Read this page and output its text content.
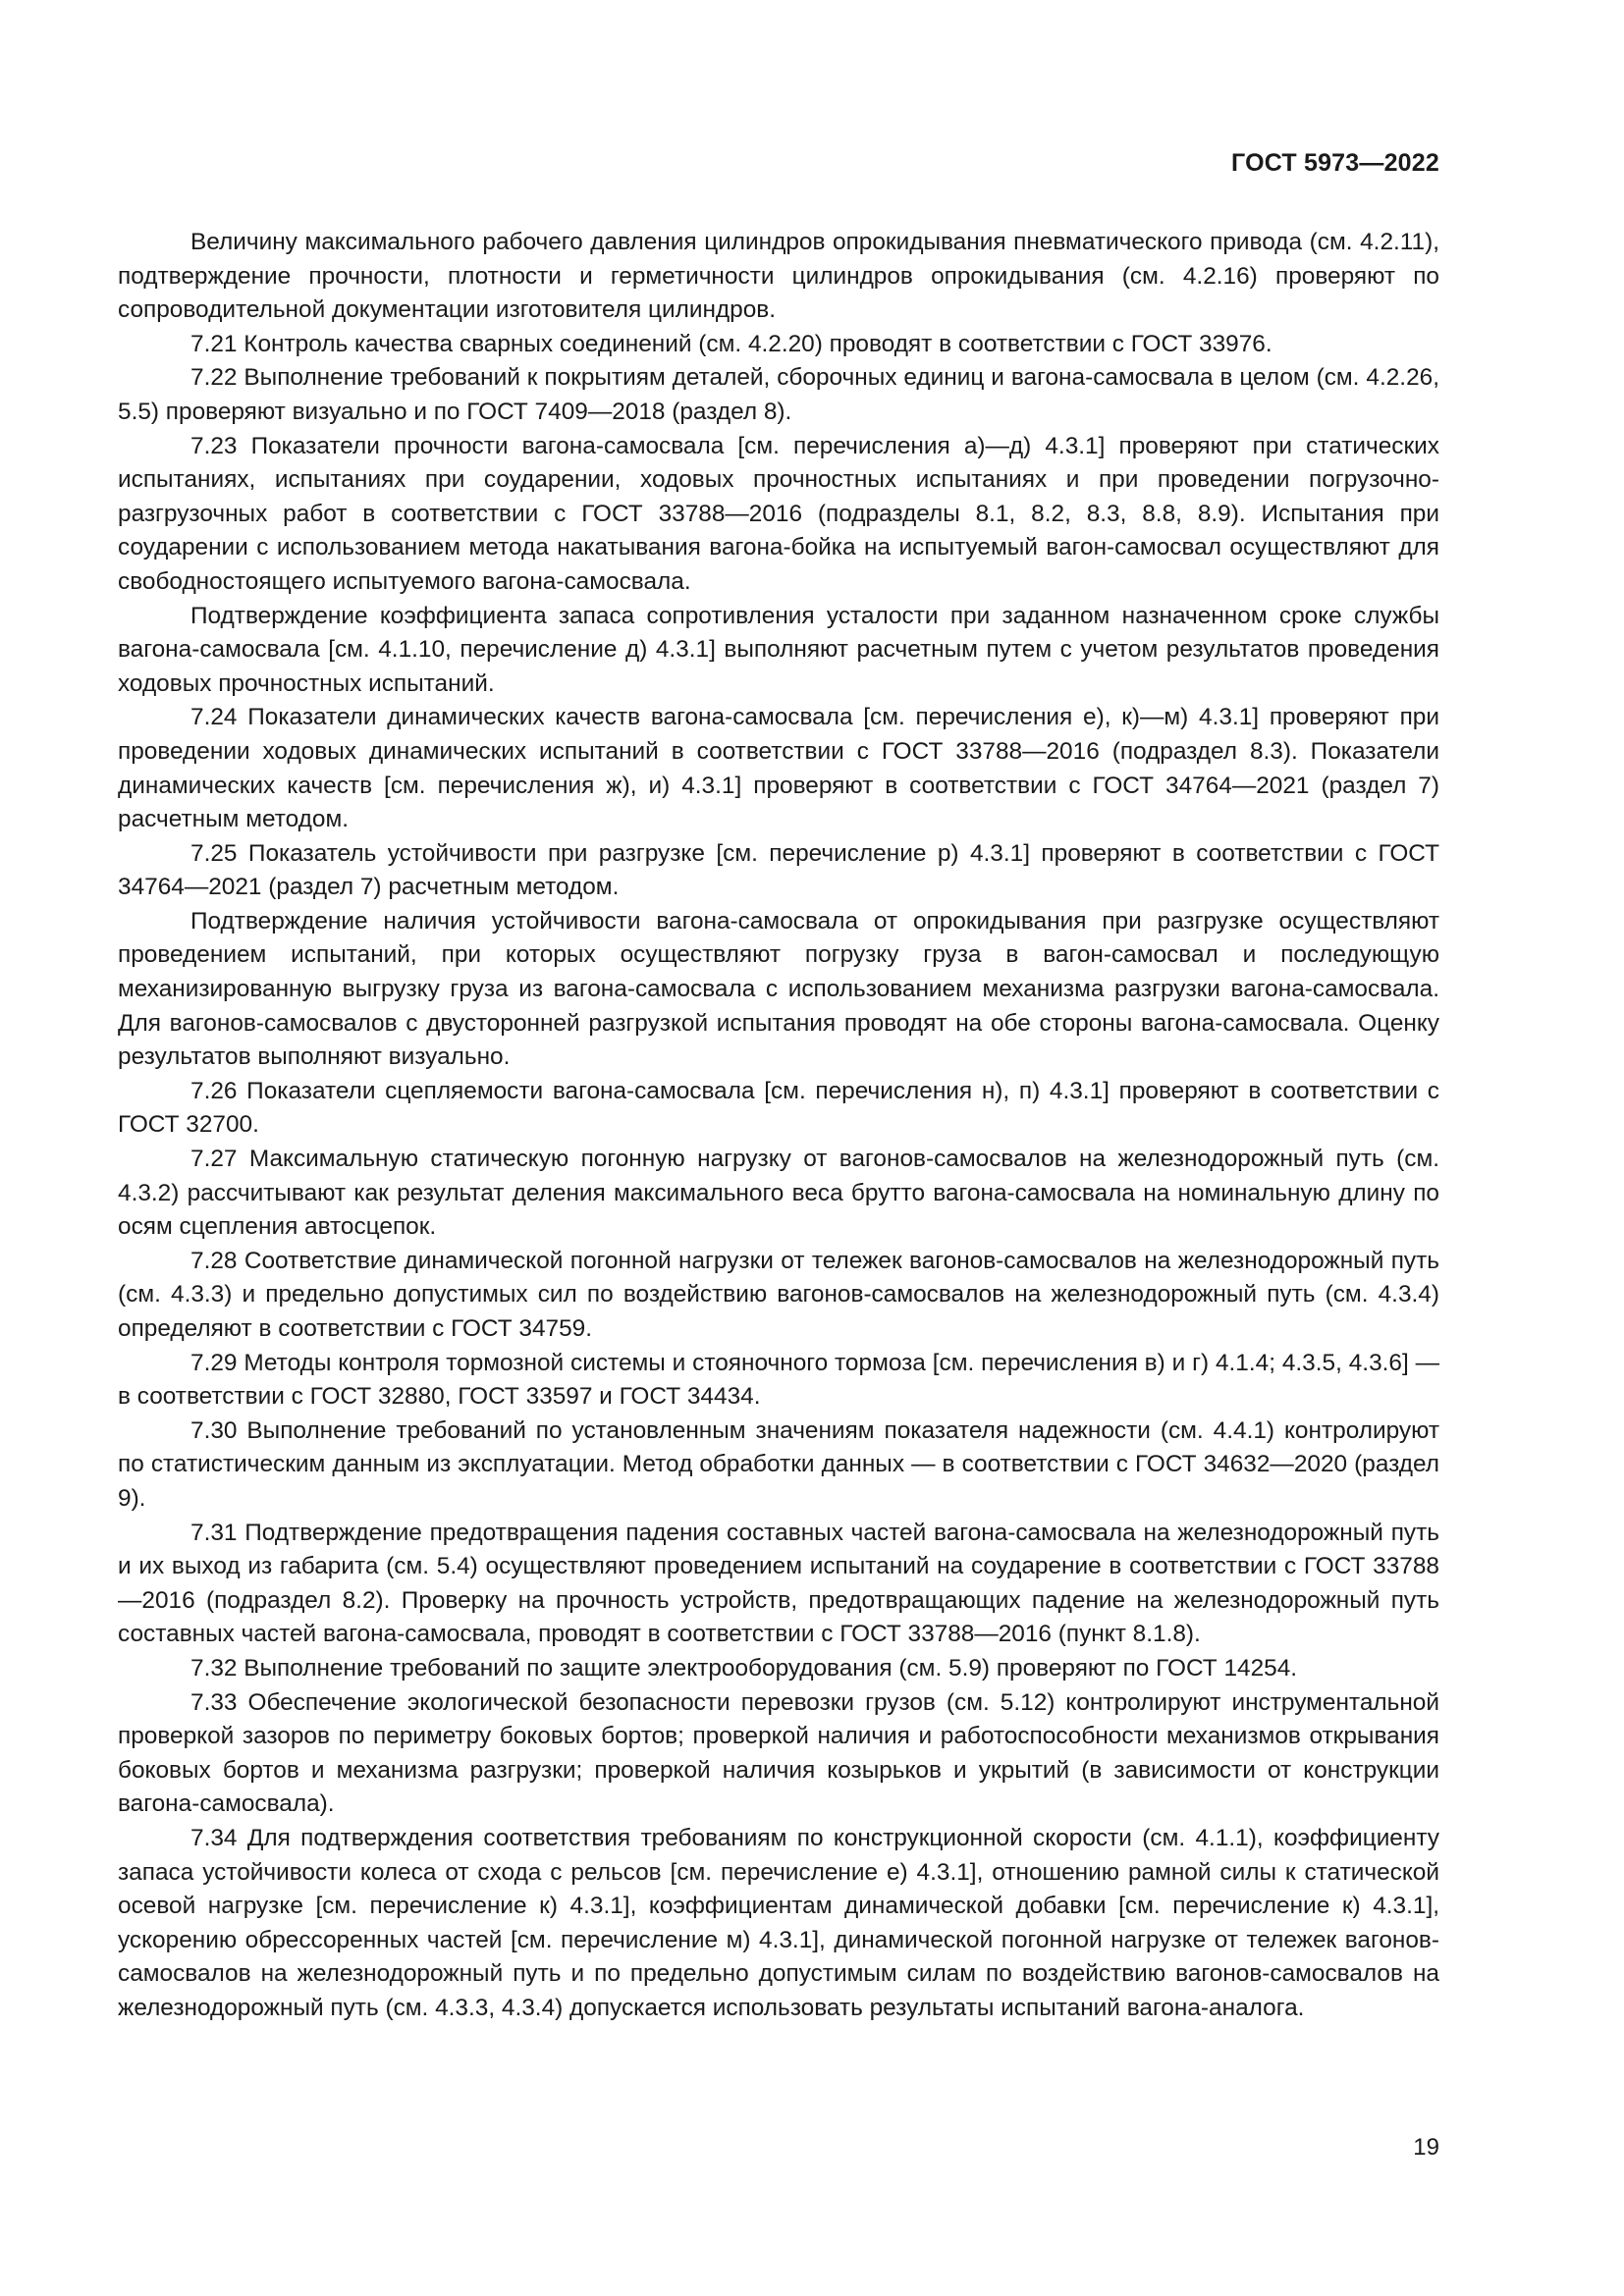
ГОСТ 5973—2022

Величину максимального рабочего давления цилиндров опрокидывания пневматического привода (см. 4.2.11), подтверждение прочности, плотности и герметичности цилиндров опрокидывания (см. 4.2.16) проверяют по сопроводительной документации изготовителя цилиндров.

7.21 Контроль качества сварных соединений (см. 4.2.20) проводят в соответствии с ГОСТ 33976.

7.22 Выполнение требований к покрытиям деталей, сборочных единиц и вагона-самосвала в целом (см. 4.2.26, 5.5) проверяют визуально и по ГОСТ 7409—2018 (раздел 8).

7.23 Показатели прочности вагона-самосвала [см. перечисления а)—д) 4.3.1] проверяют при статических испытаниях, испытаниях при соударении, ходовых прочностных испытаниях и при проведении погрузочно-разгрузочных работ в соответствии с ГОСТ 33788—2016 (подразделы 8.1, 8.2, 8.3, 8.8, 8.9). Испытания при соударении с использованием метода накатывания вагона-бойка на испытуемый вагон-самосвал осуществляют для свободностоящего испытуемого вагона-самосвала.

Подтверждение коэффициента запаса сопротивления усталости при заданном назначенном сроке службы вагона-самосвала [см. 4.1.10, перечисление д) 4.3.1] выполняют расчетным путем с учетом результатов проведения ходовых прочностных испытаний.

7.24 Показатели динамических качеств вагона-самосвала [см. перечисления е), к)—м) 4.3.1] проверяют при проведении ходовых динамических испытаний в соответствии с ГОСТ 33788—2016 (подраздел 8.3). Показатели динамических качеств [см. перечисления ж), и) 4.3.1] проверяют в соответствии с ГОСТ 34764—2021 (раздел 7) расчетным методом.

7.25 Показатель устойчивости при разгрузке [см. перечисление р) 4.3.1] проверяют в соответствии с ГОСТ 34764—2021 (раздел 7) расчетным методом.

Подтверждение наличия устойчивости вагона-самосвала от опрокидывания при разгрузке осуществляют проведением испытаний, при которых осуществляют погрузку груза в вагон-самосвал и последующую механизированную выгрузку груза из вагона-самосвала с использованием механизма разгрузки вагона-самосвала. Для вагонов-самосвалов с двусторонней разгрузкой испытания проводят на обе стороны вагона-самосвала. Оценку результатов выполняют визуально.

7.26 Показатели сцепляемости вагона-самосвала [см. перечисления н), п) 4.3.1] проверяют в соответствии с ГОСТ 32700.

7.27 Максимальную статическую погонную нагрузку от вагонов-самосвалов на железнодорожный путь (см. 4.3.2) рассчитывают как результат деления максимального веса брутто вагона-самосвала на номинальную длину по осям сцепления автосцепок.

7.28 Соответствие динамической погонной нагрузки от тележек вагонов-самосвалов на железнодорожный путь (см. 4.3.3) и предельно допустимых сил по воздействию вагонов-самосвалов на железнодорожный путь (см. 4.3.4) определяют в соответствии с ГОСТ 34759.

7.29 Методы контроля тормозной системы и стояночного тормоза [см. перечисления в) и г) 4.1.4; 4.3.5, 4.3.6] — в соответствии с ГОСТ 32880, ГОСТ 33597 и ГОСТ 34434.

7.30 Выполнение требований по установленным значениям показателя надежности (см. 4.4.1) контролируют по статистическим данным из эксплуатации. Метод обработки данных — в соответствии с ГОСТ 34632—2020 (раздел 9).

7.31 Подтверждение предотвращения падения составных частей вагона-самосвала на железнодорожный путь и их выход из габарита (см. 5.4) осуществляют проведением испытаний на соударение в соответствии с ГОСТ 33788—2016 (подраздел 8.2). Проверку на прочность устройств, предотвращающих падение на железнодорожный путь составных частей вагона-самосвала, проводят в соответствии с ГОСТ 33788—2016 (пункт 8.1.8).

7.32 Выполнение требований по защите электрооборудования (см. 5.9) проверяют по ГОСТ 14254.

7.33 Обеспечение экологической безопасности перевозки грузов (см. 5.12) контролируют инструментальной проверкой зазоров по периметру боковых бортов; проверкой наличия и работоспособности механизмов открывания боковых бортов и механизма разгрузки; проверкой наличия козырьков и укрытий (в зависимости от конструкции вагона-самосвала).

7.34 Для подтверждения соответствия требованиям по конструкционной скорости (см. 4.1.1), коэффициенту запаса устойчивости колеса от схода с рельсов [см. перечисление е) 4.3.1], отношению рамной силы к статической осевой нагрузке [см. перечисление к) 4.3.1], коэффициентам динамической добавки [см. перечисление к) 4.3.1], ускорению обрессоренных частей [см. перечисление м) 4.3.1], динамической погонной нагрузке от тележек вагонов-самосвалов на железнодорожный путь и по предельно допустимым силам по воздействию вагонов-самосвалов на железнодорожный путь (см. 4.3.3, 4.3.4) допускается использовать результаты испытаний вагона-аналога.

19
